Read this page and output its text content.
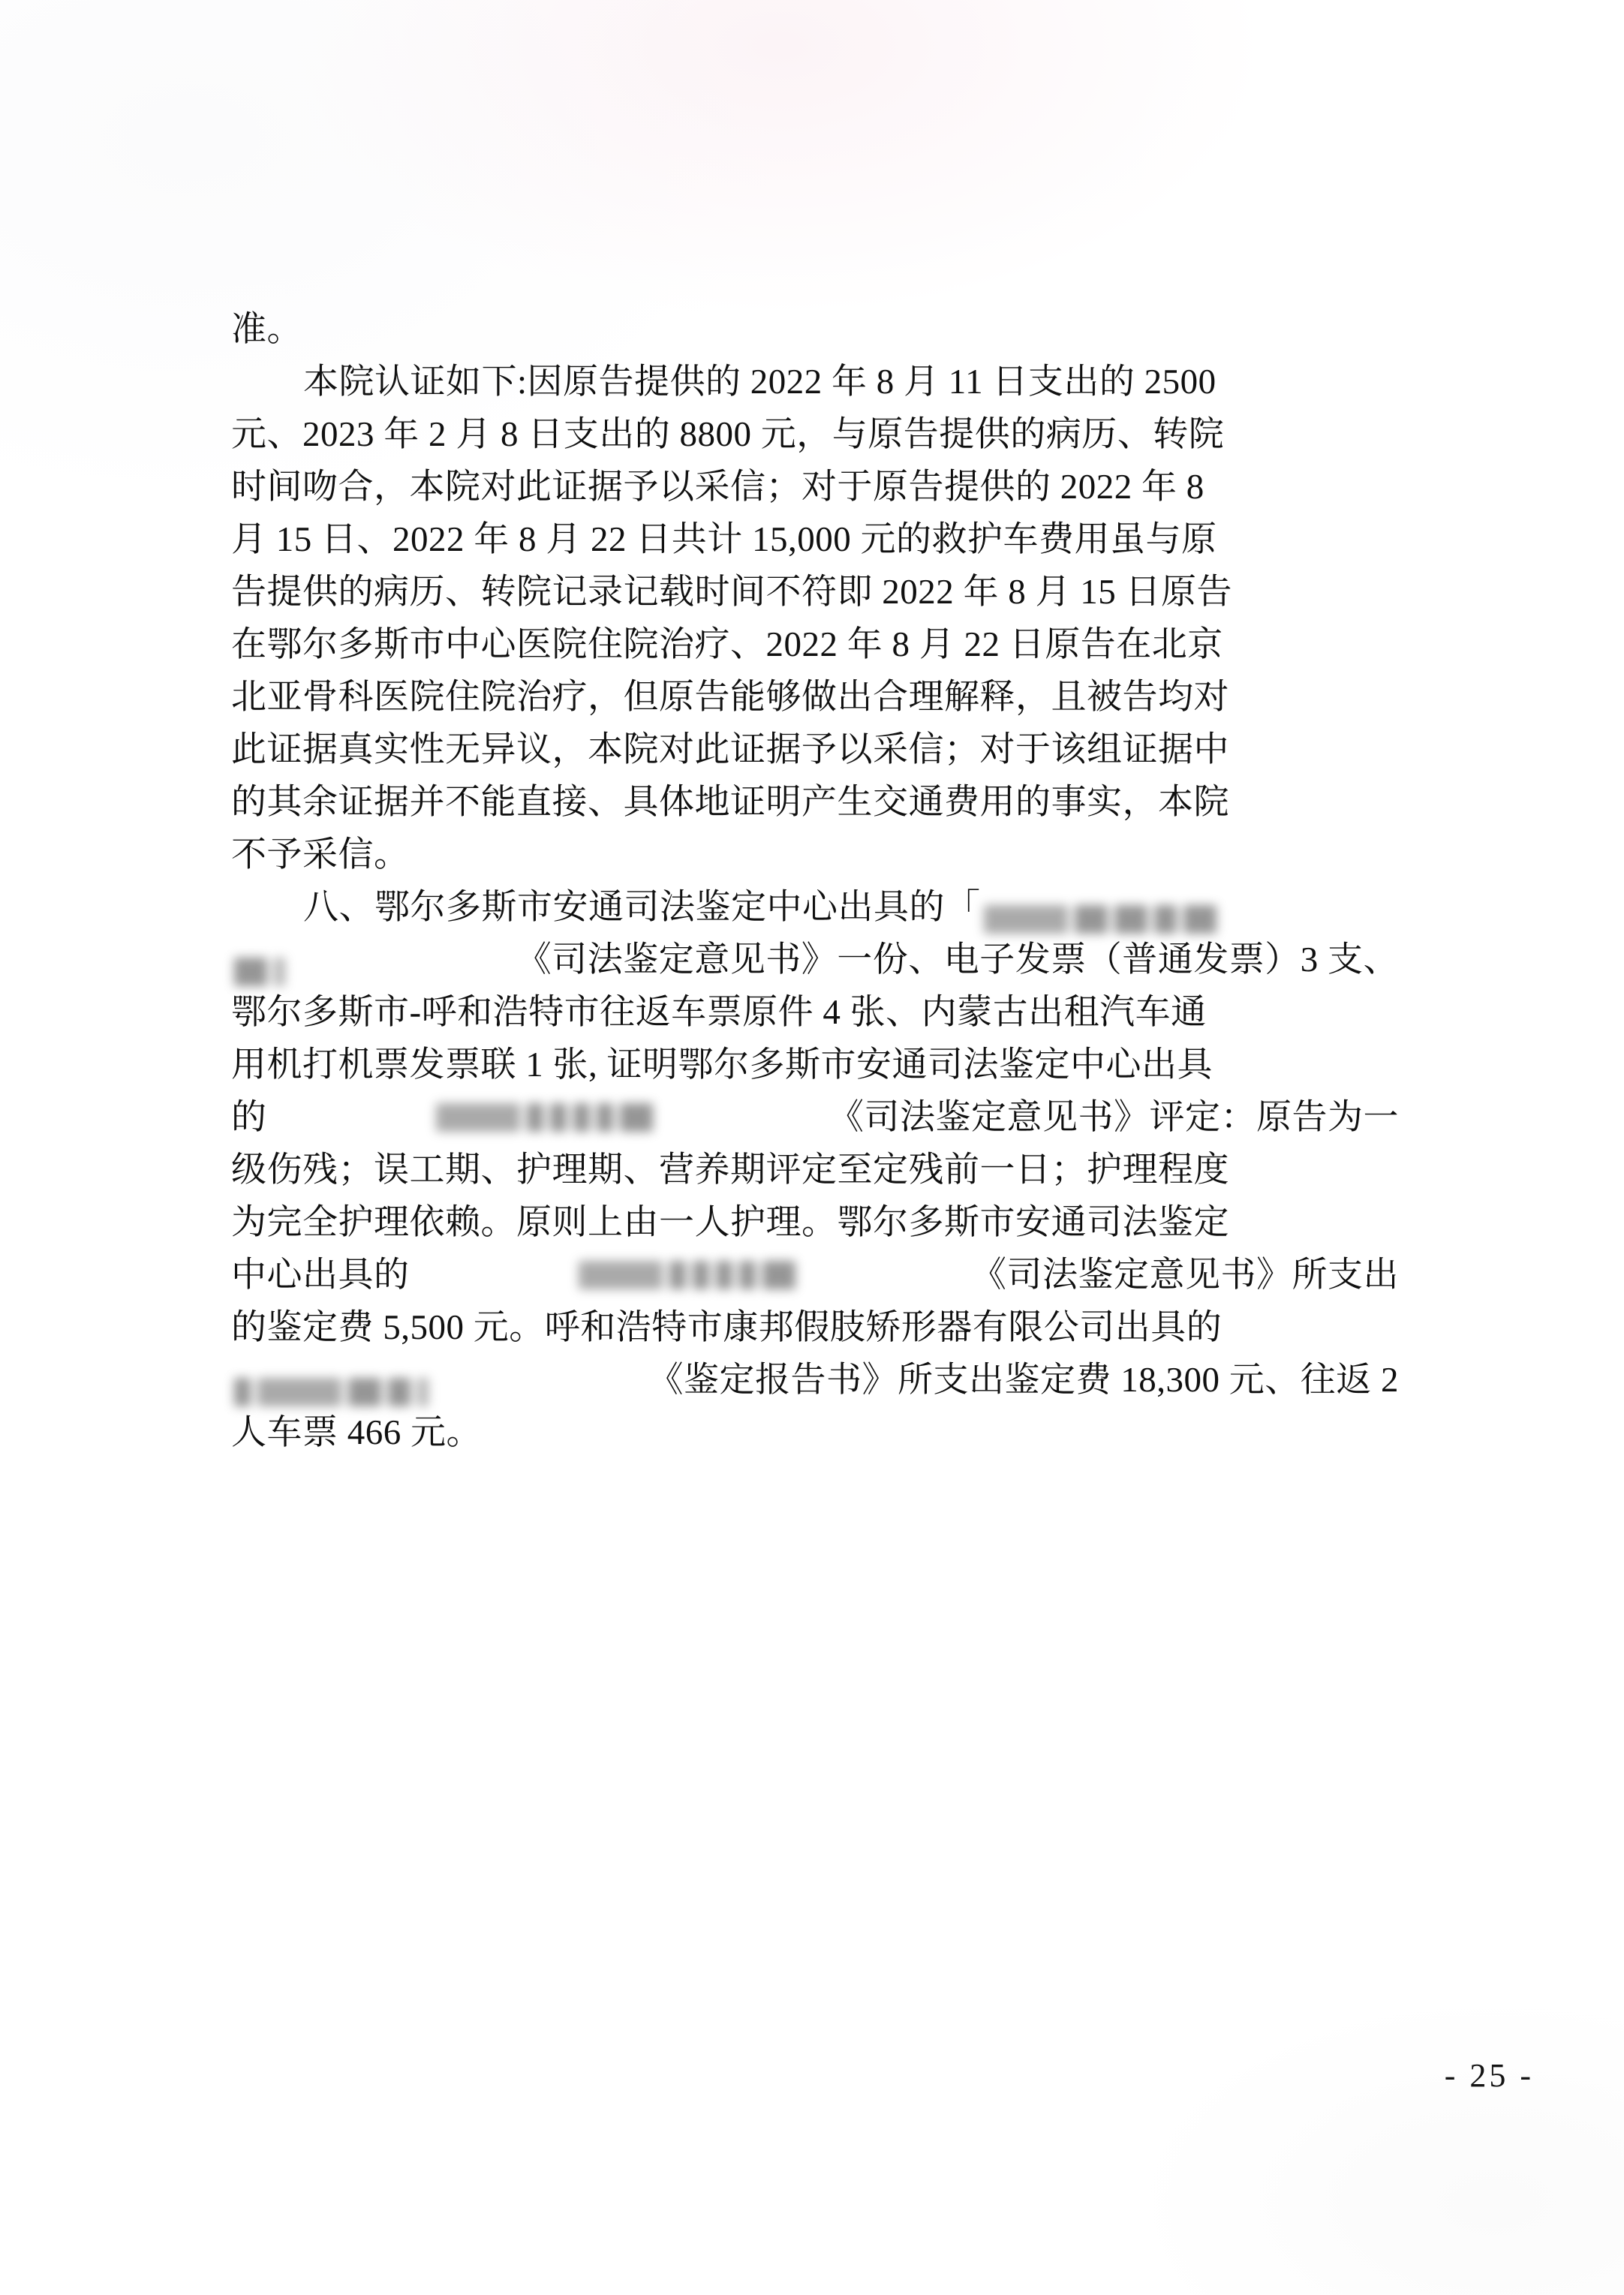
准。
本院认证如下:因原告提供的 2022 年 8 月 11 日支出的 2500
元、2023 年 2 月 8 日支出的 8800 元，与原告提供的病历、转院
时间吻合，本院对此证据予以采信；对于原告提供的 2022 年 8
月 15 日、2022 年 8 月 22 日共计 15,000 元的救护车费用虽与原
告提供的病历、转院记录记载时间不符即 2022 年 8 月 15 日原告
在鄂尔多斯市中心医院住院治疗、2022 年 8 月 22 日原告在北京
北亚骨科医院住院治疗，但原告能够做出合理解释，且被告均对
此证据真实性无异议，本院对此证据予以采信；对于该组证据中
的其余证据并不能直接、具体地证明产生交通费用的事实，本院
不予采信。
八、鄂尔多斯市安通司法鉴定中心出具的「
《司法鉴定意见书》一份、电子发票（普通发票）3 支、
鄂尔多斯市-呼和浩特市往返车票原件 4 张、内蒙古出租汽车通
用机打机票发票联 1 张, 证明鄂尔多斯市安通司法鉴定中心出具
的	《司法鉴定意见书》评定：原告为一
级伤残；误工期、护理期、营养期评定至定残前一日；护理程度
为完全护理依赖。原则上由一人护理。鄂尔多斯市安通司法鉴定
中心出具的	《司法鉴定意见书》所支出
的鉴定费 5,500 元。呼和浩特市康邦假肢矫形器有限公司出具的
《鉴定报告书》所支出鉴定费 18,300 元、往返 2
人车票 466 元。
- 25 -
